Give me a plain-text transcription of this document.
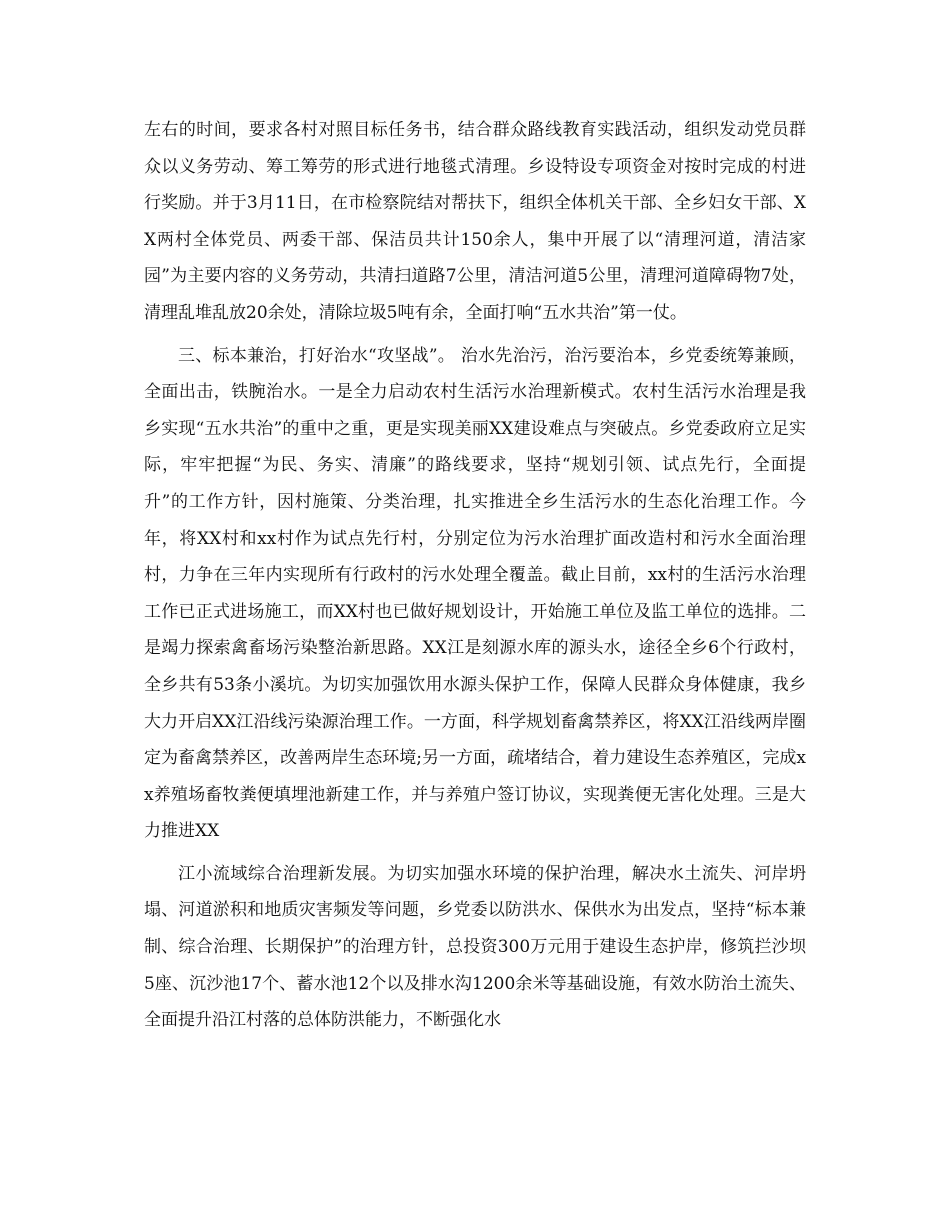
左右的时间，要求各村对照目标任务书，结合群众路线教育实践活动，组织发动党员群众以义务劳动、筹工筹劳的形式进行地毯式清理。乡设特设专项资金对按时完成的村进行奖励。并于3月11日，在市检察院结对帮扶下，组织全体机关干部、全乡妇女干部、XX两村全体党员、两委干部、保洁员共计150余人，集中开展了以“清理河道，清洁家园”为主要内容的义务劳动，共清扫道路7公里，清洁河道5公里，清理河道障碍物7处，清理乱堆乱放20余处，清除垃圾5吨有余，全面打响“五水共治”第一仗。

三、标本兼治，打好治水“攻坚战”。 治水先治污，治污要治本，乡党委统筹兼顾，全面出击，铁腕治水。一是全力启动农村生活污水治理新模式。农村生活污水治理是我乡实现“五水共治”的重中之重，更是实现美丽XX建设难点与突破点。乡党委政府立足实际，牢牢把握“为民、务实、清廉”的路线要求，坚持“规划引领、试点先行，全面提升”的工作方针，因村施策、分类治理，扎实推进全乡生活污水的生态化治理工作。今年，将XX村和xx村作为试点先行村，分别定位为污水治理扩面改造村和污水全面治理村，力争在三年内实现所有行政村的污水处理全覆盖。截止目前，xx村的生活污水治理工作已正式进场施工，而XX村也已做好规划设计，开始施工单位及监工单位的选排。二是竭力探索禽畜场污染整治新思路。XX江是刻源水库的源头水，途径全乡6个行政村，全乡共有53条小溪坑。为切实加强饮用水源头保护工作，保障人民群众身体健康，我乡大力开启XX江沿线污染源治理工作。一方面，科学规划畜禽禁养区，将XX江沿线两岸圈定为畜禽禁养区，改善两岸生态环境;另一方面，疏堵结合，着力建设生态养殖区，完成xx养殖场畜牧粪便填埋池新建工作，并与养殖户签订协议，实现粪便无害化处理。三是大力推进XX

江小流域综合治理新发展。为切实加强水环境的保护治理，解决水土流失、河岸坍塌、河道淤积和地质灾害频发等问题，乡党委以防洪水、保供水为出发点，坚持“标本兼制、综合治理、长期保护”的治理方针，总投资300万元用于建设生态护岸，修筑拦沙坝5座、沉沙池17个、蓄水池12个以及排水沟1200余米等基础设施，有效水防治土流失、全面提升沿江村落的总体防洪能力，不断强化水
